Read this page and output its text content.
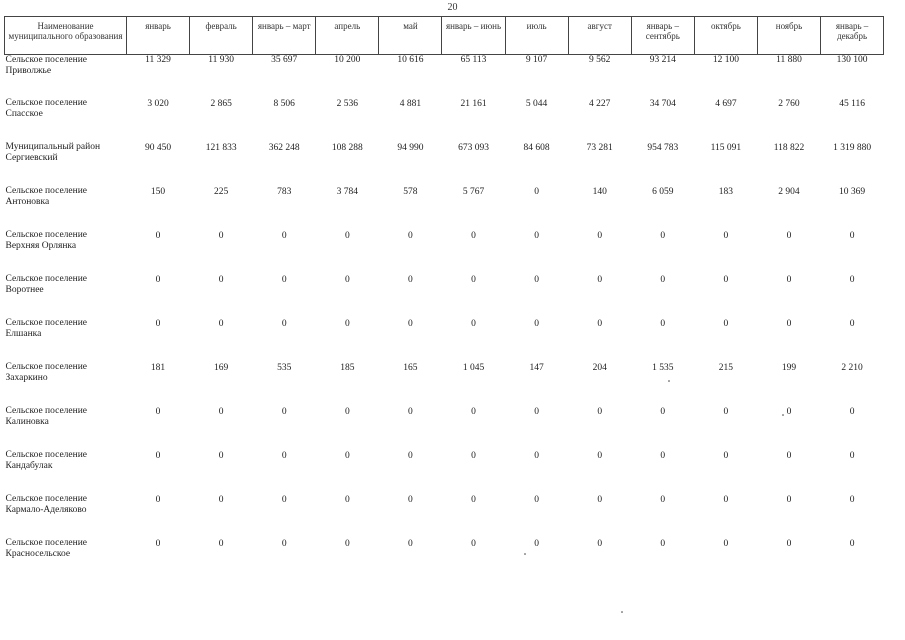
20
Наименование муниципального образования	январь	февраль	январь – март	апрель	май	январь – июнь	июль	август	январь – сентябрь	октябрь	ноябрь	январь – декабрь

Сельское поселение
Приволжье	11 329	11 930	35 697	10 200	10 616	65 113	9 107	9 562	93 214	12 100	11 880	130 100

Сельское поселение
Спасское	3 020	2 865	8 506	2 536	4 881	21 161	5 044	4 227	34 704	4 697	2 760	45 116

Муниципальный район
Сергиевский	90 450	121 833	362 248	108 288	94 990	673 093	84 608	73 281	954 783	115 091	118 822	1 319 880

Сельское поселение
Антоновка	150	225	783	3 784	578	5 767	0	140	6 059	183	2 904	10 369

Сельское поселение
Верхняя Орлянка	0	0	0	0	0	0	0	0	0	0	0	0

Сельское поселение
Воротнее	0	0	0	0	0	0	0	0	0	0	0	0

Сельское поселение
Елшанка	0	0	0	0	0	0	0	0	0	0	0	0

Сельское поселение
Захаркино	181	169	535	185	165	1 045	147	204	1 535	215	199	2 210

Сельское поселение
Калиновка	0	0	0	0	0	0	0	0	0	0	0	0

Сельское поселение
Кандабулак	0	0	0	0	0	0	0	0	0	0	0	0

Сельское поселение
Кармало-Аделяково	0	0	0	0	0	0	0	0	0	0	0	0

Сельское поселение
Красносельское	0	0	0	0	0	0	0	0	0	0	0	0
